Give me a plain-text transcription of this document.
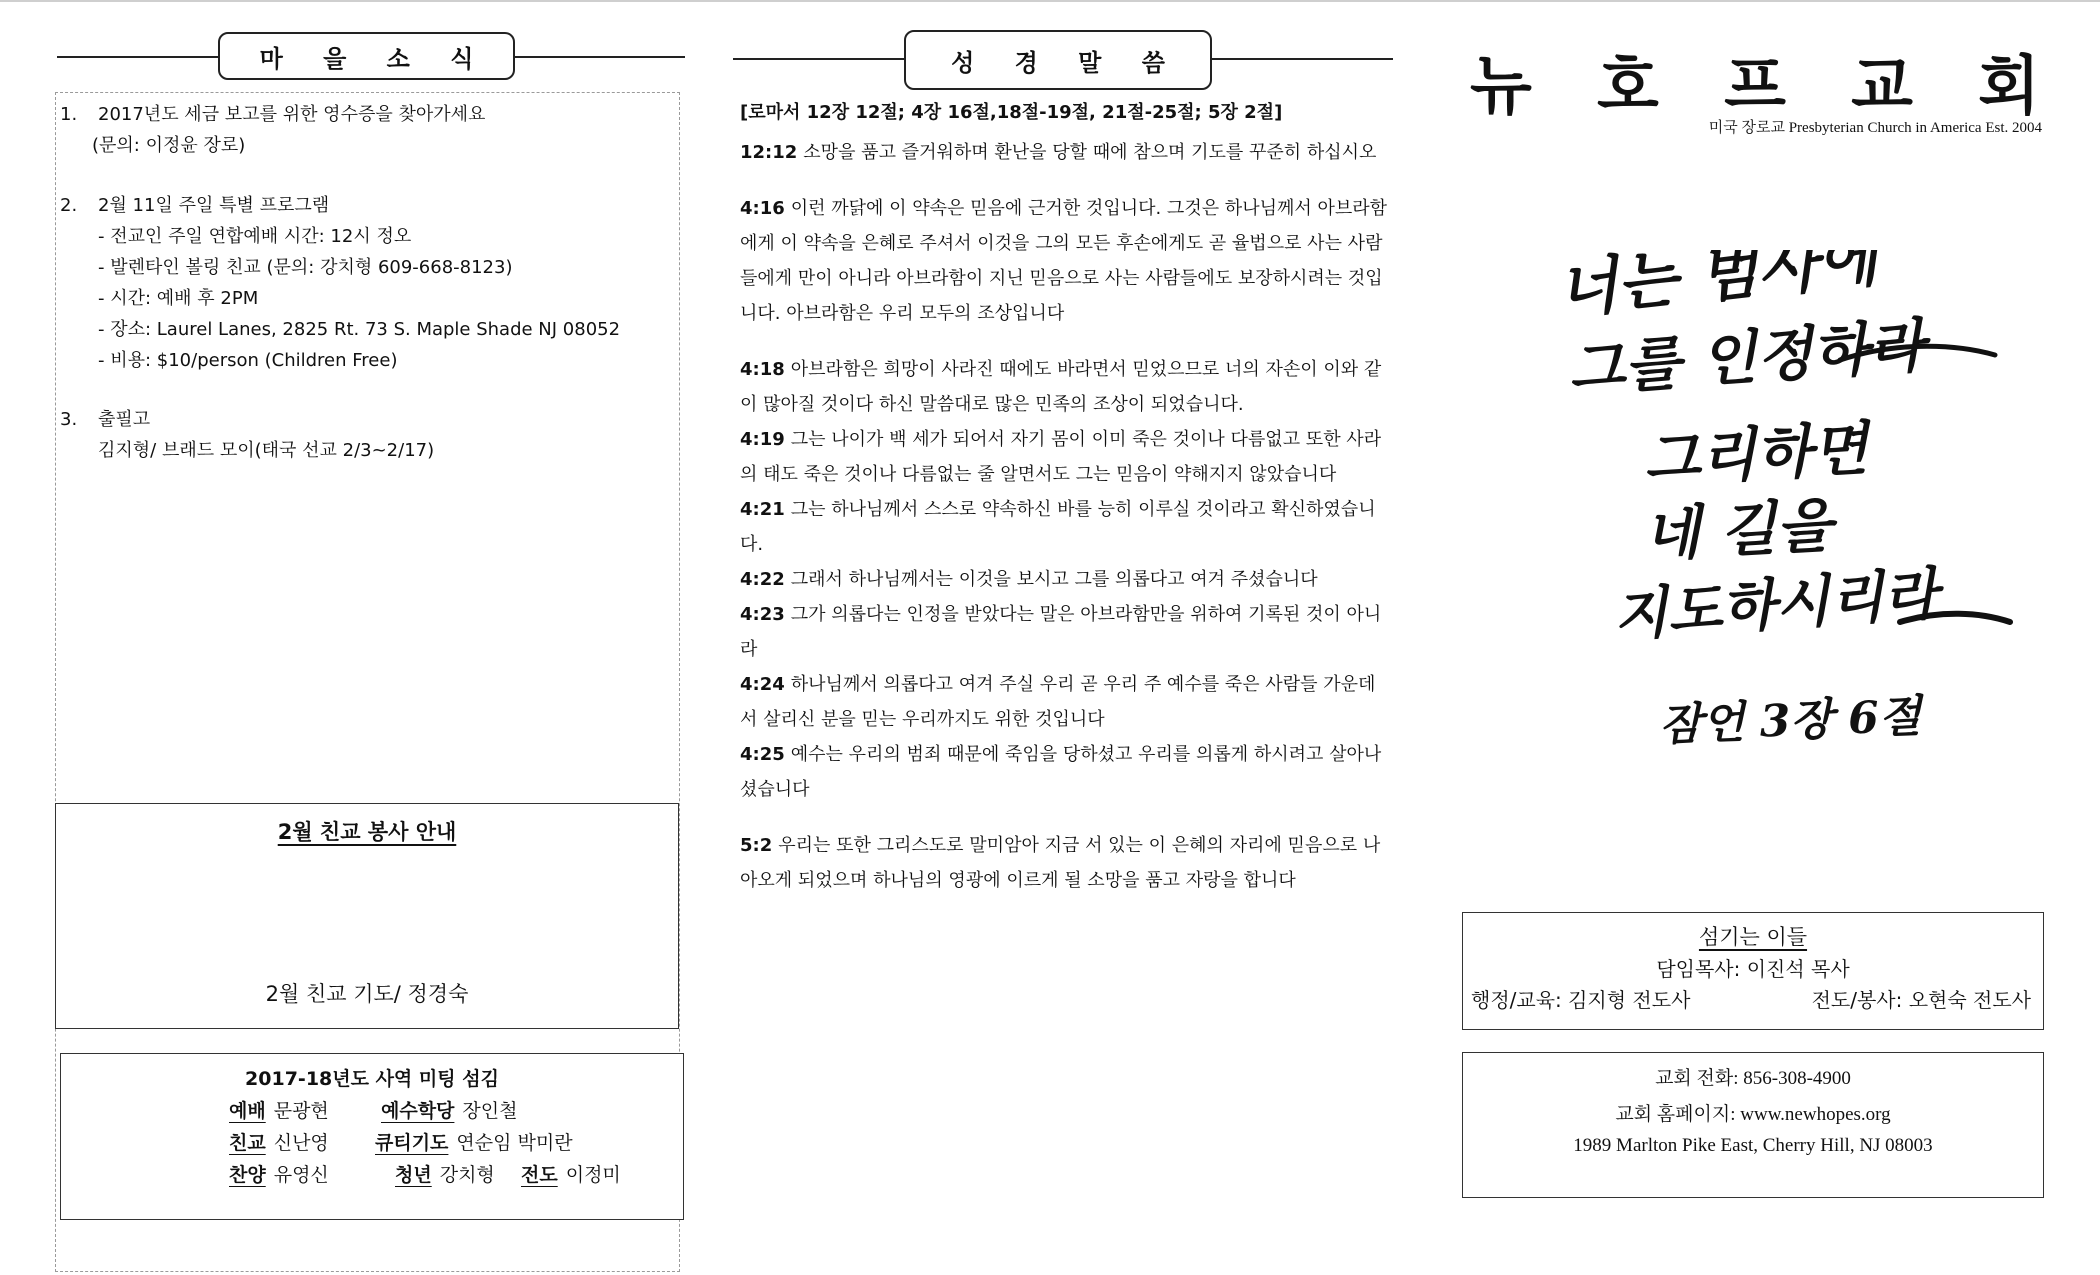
마 을 소 식
1. 2017년도 세금 보고를 위한 영수증을 찾아가세요
(문의: 이정윤 장로)
2. 2월 11일 주일 특별 프로그램
- 전교인 주일 연합예배 시간: 12시 정오
- 발렌타인 볼링 친교 (문의: 강치형 609-668-8123)
- 시간: 예배 후 2PM
- 장소: Laurel Lanes, 2825 Rt. 73 S. Maple Shade NJ 08052
- 비용: $10/person (Children Free)
3. 출필고
김지형/ 브래드 모이(태국 선교 2/3~2/17)
2월 친교 봉사 안내
2월 친교 기도/ 정경숙
2017-18년도 사역 미팅 섬김
예배 문광현	예수학당 장인철
친교 신난영 큐티기도 연순임 박미란
찬양 유영신	청년 강치형 전도 이정미
성 경 말 씀
[로마서 12장 12절; 4장 16절,18절-19절, 21절-25절; 5장 2절]

12:12 소망을 품고 즐거워하며 환난을 당할 때에 참으며 기도를 꾸준히 하십시오

4:16 이런 까닭에 이 약속은 믿음에 근거한 것입니다. 그것은 하나님께서 아브라함에게 이 약속을 은혜로 주셔서 이것을 그의 모든 후손에게도 곧 율법으로 사는 사람들에게 만이 아니라 아브라함이 지닌 믿음으로 사는 사람들에도 보장하시려는 것입니다. 아브라함은 우리 모두의 조상입니다

4:18 아브라함은 희망이 사라진 때에도 바라면서 믿었으므로 너의 자손이 이와 같이 많아질 것이다 하신 말씀대로 많은 민족의 조상이 되었습니다.
4:19 그는 나이가 백 세가 되어서 자기 몸이 이미 죽은 것이나 다름없고 또한 사라의 태도 죽은 것이나 다름없는 줄 알면서도 그는 믿음이 약해지지 않았습니다
4:21 그는 하나님께서 스스로 약속하신 바를 능히 이루실 것이라고 확신하였습니다.
4:22 그래서 하나님께서는 이것을 보시고 그를 의롭다고 여겨 주셨습니다
4:23 그가 의롭다는 인정을 받았다는 말은 아브라함만을 위하여 기록된 것이 아니라
4:24 하나님께서 의롭다고 여겨 주실 우리 곧 우리 주 예수를 죽은 사람들 가운데서 살리신 분을 믿는 우리까지도 위한 것입니다
4:25 예수는 우리의 범죄 때문에 죽임을 당하셨고 우리를 의롭게 하시려고 살아나셨습니다

5:2 우리는 또한 그리스도로 말미암아 지금 서 있는 이 은혜의 자리에 믿음으로 나아오게 되었으며 하나님의 영광에 이르게 될 소망을 품고 자랑을 합니다

뉴 호 프 교 회
미국 장로교 Presbyterian Church in America Est. 2004
너는 범사에
그를 인정하라
그리하면
네 길을
지도하시리라
잠언 3장 6절
섬기는 이들
담임목사: 이진석 목사
행정/교육: 김지형 전도사	전도/봉사: 오현숙 전도사
교회 전화: 856-308-4900
교회 홈페이지: www.newhopes.org
1989 Marlton Pike East, Cherry Hill, NJ 08003
